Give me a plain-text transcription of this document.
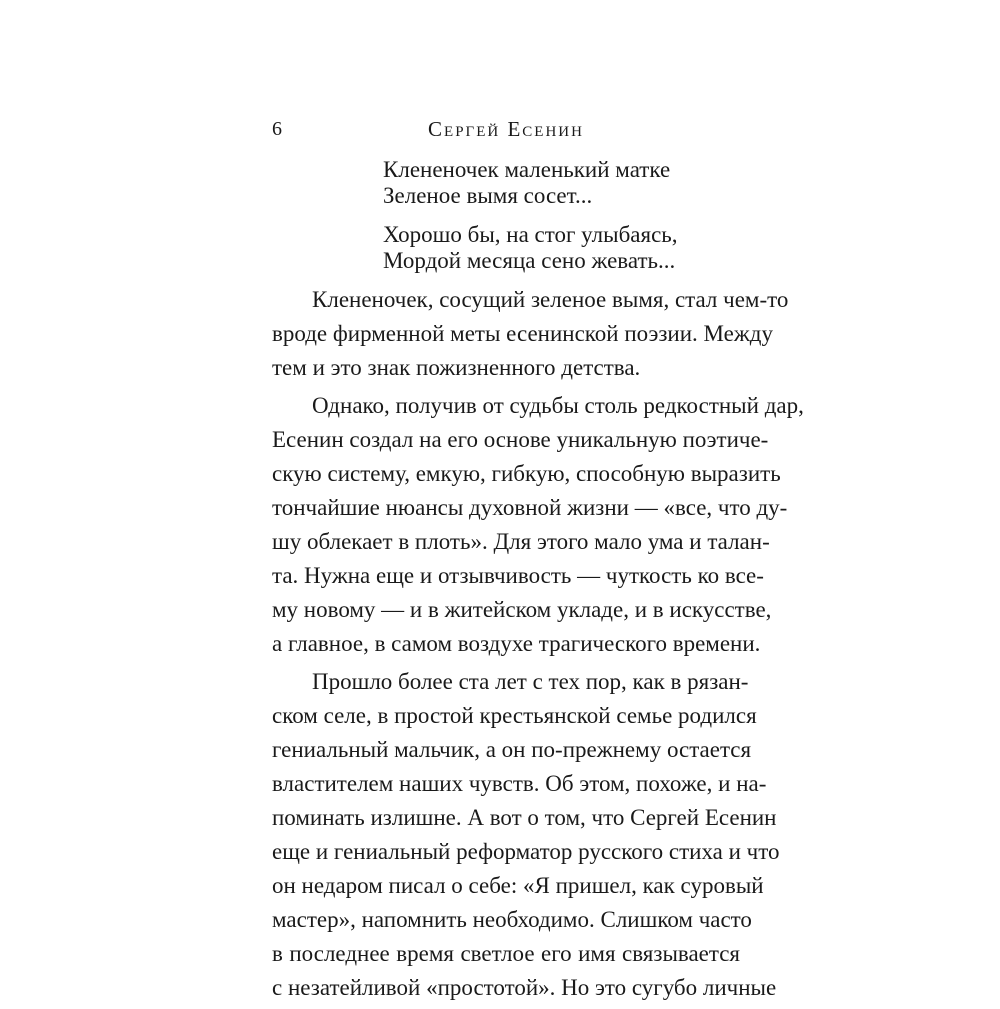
6	Сергей Есенин
Клененочек маленький матке
Зеленое вымя сосет...
Хорошо бы, на стог улыбаясь,
Мордой месяца сено жевать...
Клененочек, сосущий зеленое вымя, стал чем-то
вроде фирменной меты есенинской поэзии. Между
тем и это знак пожизненного детства.
Однако, получив от судьбы столь редкостный дар,
Есенин создал на его основе уникальную поэтиче-
скую систему, емкую, гибкую, способную выразить
тончайшие нюансы духовной жизни — «все, что ду-
шу облекает в плоть». Для этого мало ума и талан-
та. Нужна еще и отзывчивость — чуткость ко все-
му новому — и в житейском укладе, и в искусстве,
а главное, в самом воздухе трагического времени.
Прошло более ста лет с тех пор, как в рязан-
ском селе, в простой крестьянской семье родился
гениальный мальчик, а он по-прежнему остается
властителем наших чувств. Об этом, похоже, и на-
поминать излишне. А вот о том, что Сергей Есенин
еще и гениальный реформатор русского стиха и что
он недаром писал о себе: «Я пришел, как суровый
мастер», напомнить необходимо. Слишком часто
в последнее время светлое его имя связывается
с незатейливой «простотой». Но это сугубо личные
